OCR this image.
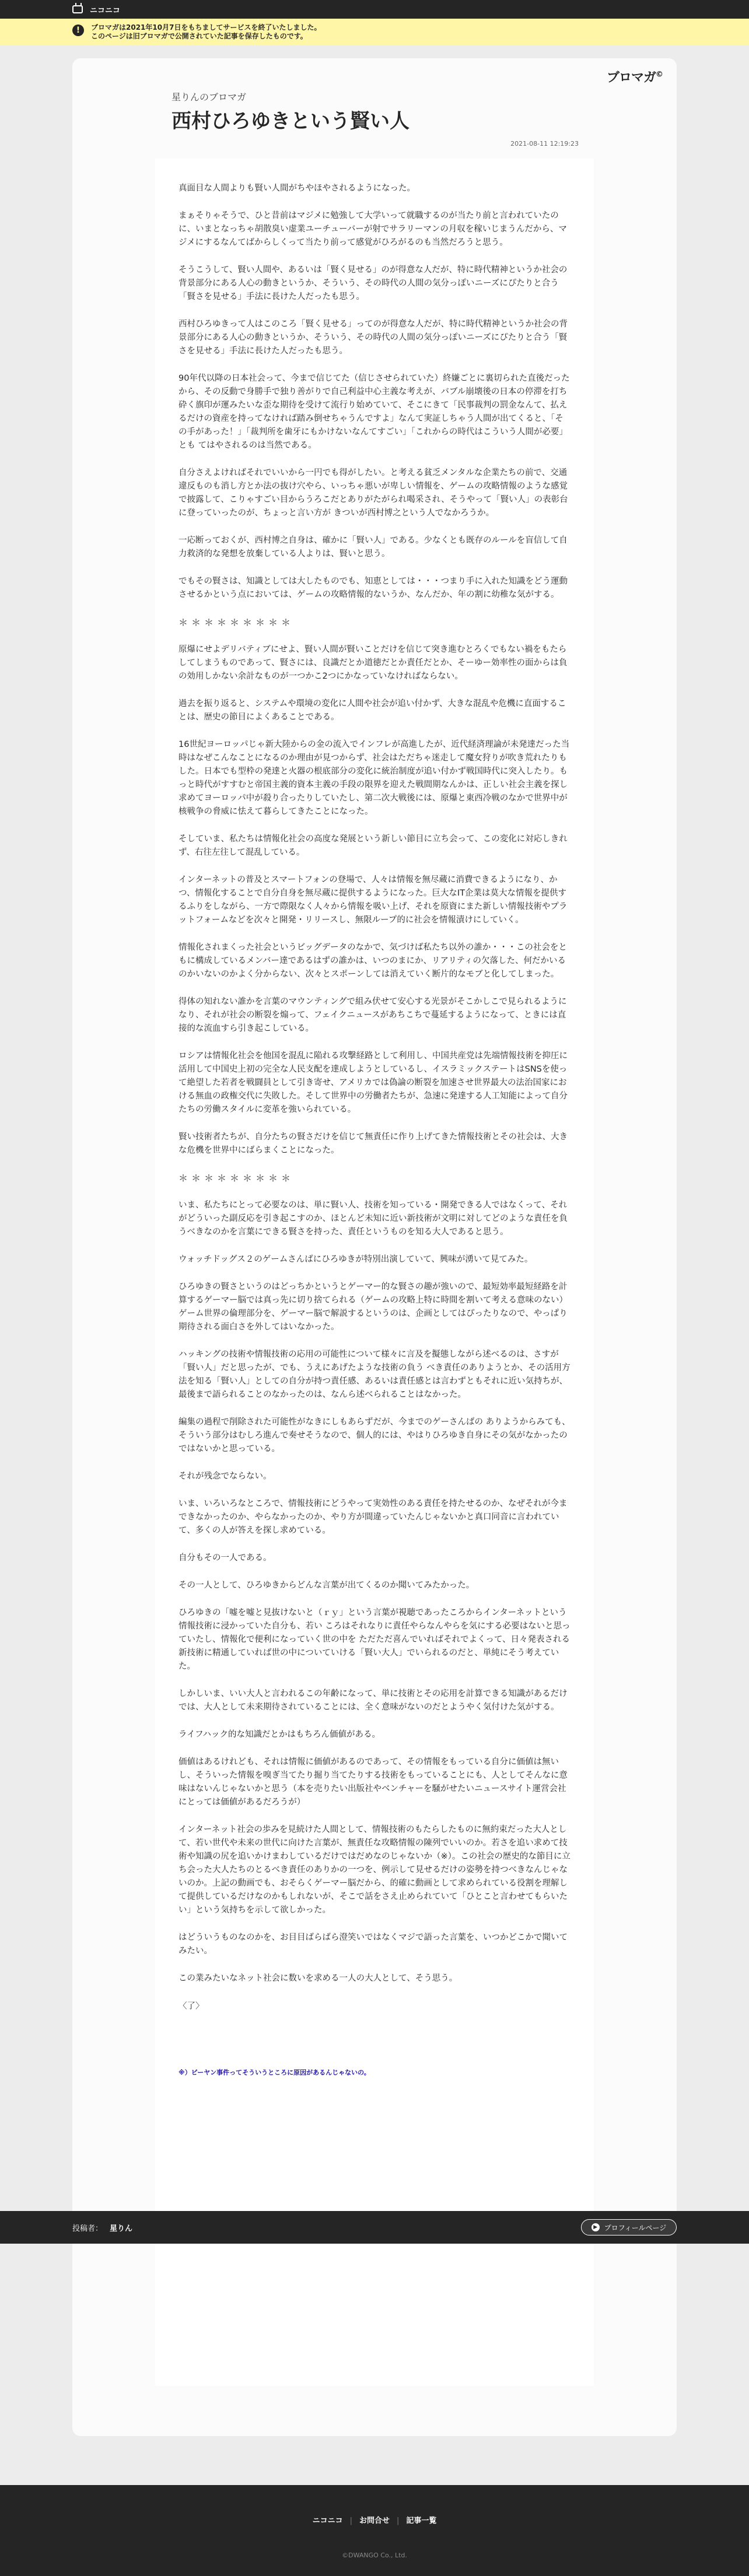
ニコニコ
!	ブロマガは2021年10月7日をもちましてサービスを終了いたしました。

このページは旧ブロマガで公開されていた記事を保存したものです。

ブロマガ©
星りんのブロマガ
西村ひろゆきという賢い人
2021-08-11 12:19:23

真面目な人間よりも賢い人間がちやほやされるようになった。

まぁそりゃそうで、ひと昔前はマジメに勉強して大学いって就職するのが当たり前と言われていたのに、いまとなっちゃ胡散臭い虚業ユーチューバーが射でサラリーマンの月収を稼いじまうんだから、マジメにするなんてばからしくって当たり前って感覚がひろがるのも当然だろうと思う。

そうこうして、賢い人間や、あるいは「賢く見せる」のが得意な人だが、特に時代精神というか社会の背景部分にある人心の動きというか、そういう、その時代の人間の気分っぽいニーズにぴたりと合う「賢さを見せる」手法に長けた人だったも思う。

西村ひろゆきって人はこのころ「賢く見せる」ってのが得意な人だが、特に時代精神というか社会の背景部分にある人心の動きというか、そういう、その時代の人間の気分っぽいニーズにぴたりと合う「賢さを見せる」手法に長けた人だったも思う。

90年代以降の日本社会って、今まで信じてた（信じさせられていた）終嫌ごとに裏切られた直後だったから、その反動で身勝手で独り善がりで自己利益中心主義な考えが、バブル崩壊後の日本の停滞を打ち砕く旗印が運みたいな歪な期待を受けて流行り始めていて、そこにきて「民事裁判の罰金なんて、払えるだけの資産を持ってなければ踏み倒せちゃうんですよ」なんて実証しちゃう人間が出てくると、「その手があった！」「裁判所を歯牙にもかけないなんてすごい」「これからの時代はこういう人間が必要」とも てはやされるのは当然である。

自分さえよければそれでいいから一円でも得がしたい。と考える貧乏メンタルな企業たちの前で、交通違反ものも消し方とか法の抜け穴やら、いっちゃ悪いが卑しい情報を、ゲームの攻略情報のような感覚で披露して、こりゃすごい目からうろこだとありがたがられ喝采され、そうやって「賢い人」の表彰台に登っていったのが、ちょっと言い方が きついが西村博之という人でなかろうか。

一応断っておくが、西村博之自身は、確かに「賢い人」である。少なくとも既存のルールを盲信して自力救済的な発想を放棄している人よりは、賢いと思う。

でもその賢さは、知識としては大したものでも、知恵としては・・・つまり手に入れた知識をどう運動させるかという点においては、ゲームの攻略情報的ないうか、なんだか、年の割に幼稚な気がする。

＊＊＊＊＊＊＊＊＊

原爆にせよデリバティブにせよ、賢い人間が賢いことだけを信じて突き進むとろくでもない禍をもたらしてしまうものであって、賢さには、良識だとか道徳だとか責任だとか、そーゆー効率性の面からは負の効用しかない余計なものが一つかこ2つにかなっていなければならない。

過去を振り返ると、システムや環境の変化に人間や社会が追い付かず、大きな混乱や危機に直面することは、歴史の節目によくあることである。

16世紀ヨーロッパじゃ新大陸からの金の流入でインフレが高進したが、近代経済理論が未発達だった当時はなぜこんなことになるのか理由が見つからず、社会はただちゃ迷走して魔女狩りが吹き荒れたりもした。日本でも型枠の発達と火器の根底部分の変化に統治制度が追い付かず戦国時代に突入したり。もっと時代がすすむと帝国主義的資本主義の手段の限界を迎えた戦間期なんかは、正しい社会主義を探し求めてヨーロッパ中が殺り合ったりしていたし、第二次大戦後には、原爆と東西冷戦のなかで世界中が核戦争の脅威に怯えて暮らしてきたことになった。

そしていま、私たちは情報化社会の高度な発展という新しい節目に立ち会って、この変化に対応しきれず、右往左往して混乱している。

インターネットの普及とスマートフォンの登場で、人々は情報を無尽蔵に消費できるようになり、かつ、情報化することで自分自身を無尽蔵に提供するようになった。巨大なIT企業は莫大な情報を提供するふりをしながら、一方で際限なく人々から情報を吸い上げ、それを原資にまた新しい情報技術やプラットフォームなどを次々と開発・リリースし、無限ループ的に社会を情報漬けにしていく。

情報化されまくった社会というビッグデータのなかで、気づけば私たち以外の誰か・・・この社会をともに構成しているメンバー達であるはずの誰かは、いつのまにか、リアリティの欠落した、何だかいるのかいないのかよく分からない、次々とスポーンしては消えていく断片的なモブと化してしまった。

得体の知れない誰かを言葉のマウンティングで組み伏せて安心する光景がそこかしこで見られるようになり、それが社会の断裂を煽って、フェイクニュースがあちこちで蔓延するようになって、ときには直接的な流血すら引き起こしている。

ロシアは情報化社会を他国を混乱に陥れる攻撃経路として利用し、中国共産党は先端情報技術を抑圧に活用して中国史上初の完全な人民支配を達成しようとしているし、イスラミックステートはSNSを使って絶望した若者を戦闘員として引き寄せ、アメリカでは偽論の断裂を加速させ世界最大の法治国家における無血の政権交代に失敗した。そして世界中の労働者たちが、急速に発達する人工知能によって自分たちの労働スタイルに変革を強いられている。

賢い技術者たちが、自分たちの賢さだけを信じて無責任に作り上げてきた情報技術とその社会は、大きな危機を世界中にばらまくことになった。

＊＊＊＊＊＊＊＊＊

いま、私たちにとって必要なのは、単に賢い人、技術を知っている・開発できる人ではなくって、それがどういった副反応を引き起こすのか、ほとんど未知に近い新技術が文明に対してどのような責任を負うべきなのかを言葉にできる賢さを持った、責任というものを知る大人であると思う。

ウォッチドッグス２のゲームさんばにひろゆきが特別出演していて、興味が湧いて見てみた。

ひろゆきの賢さというのはどっちかというとゲーマー的な賢さの趣が強いので、最短効率最短経路を計算するゲーマー脳では真っ先に切り捨てられる（ゲームの攻略上特に時間を割いて考える意味のない）ゲーム世界の倫理部分を、ゲーマー脳で解説するというのは、企画としてはぴったりなので、やっぱり期待される面白さを外してはいなかった。

ハッキングの技術や情報技術の応用の可能性について様々に言及を擬態しながら述べるのは、さすが「賢い人」だと思ったが、でも、うえにあげたような技術の負う べき責任のありようとか、その活用方法を知る「賢い人」としての自分が持つ責任感、あるいは責任感とは言わずともそれに近い気持ちが、最後まで語られることのなかったのは、なんら述べられることはなかった。

編集の過程で削除された可能性がなきにしもあらずだが、今までのゲーさんばの ありようからみても、そういう部分はむしろ進んで奏せそうなので、個人的には、やはりひろゆき自身にその気がなかったのではないかと思っている。

それが残念でならない。

いま、いろいろなところで、情報技術にどうやって実効性のある責任を持たせるのか、なぜそれが今まできなかったのか、やらなかったのか、やり方が間違っていたんじゃないかと真口同音に言われていて、多くの人が答えを探し求めている。

自分もその一人である。

その一人として、ひろゆきからどんな言葉が出てくるのか聞いてみたかった。

ひろゆきの「嘘を嘘と見抜けないと（ｒｙ」という言葉が視聴であったころからインターネットという情報技術に浸かっていた自分も、若い ころはそれなりに責任やらなんやらを気にする必要はないと思っていたし、情報化で便利になっていく世の中を ただただ喜んでいればそれでよくって、日々発表される新技術に精通していれば世の中についていける「賢い大人」でいられるのだと、単純にそう考えていた。

しかしいま、いい大人と言われるこの年齢になって、単に技術とその応用を計算できる知識があるだけでは、大人として未来期待されていることには、全く意味がないのだとようやく気付けた気がする。

ライフハック的な知識だとかはもちろん価値がある。

価値はあるけれども、それは情報に価値があるのであって、その情報をもっている自分に価値は無いし、そういった情報を嗅ぎ当てたり掘り当てたりする技術をもっていることにも、人としてそんなに意味はないんじゃないかと思う（本を売りたい出版社やベンチャーを騒がせたいニュースサイト運営会社にとっては価値があるだろうが）

インターネット社会の歩みを見続けた人間として、情報技術のもたらしたものに無約束だった大人として、若い世代や未来の世代に向けた言葉が、無責任な攻略情報の陳列でいいのか。若さを追い求めて技術や知識の尻を追いかけまわしているだけではだめなのじゃないか（※）。この社会の歴史的な節目に立ち会った大人たちのとるべき責任のありかの一つを、例示して見せるだけの姿勢を持つべきなんじゃないのか。上記の動画でも、おそらくゲーマー脳だから、的確に動画として求められている役割を理解して提供しているだけなのかもしれないが、そこで話をさえ止められていて「ひとこと言わせてもらいたい」という気持ちを示して欲しかった。

はどういうものなのかを、お目目ばらばら澄笑いではなくマジで語った言葉を、いつかどこかで聞いてみたい。

この業みたいなネット社会に数いを求める一人の大人として、そう思う。

〈了〉

※）ビーヤン事件ってそういうところに原因があるんじゃないの。

投稿者： 星りん	▶ プロフィールページ
ニコニコ | お問合せ | 記事一覧
©DWANGO Co., Ltd.
